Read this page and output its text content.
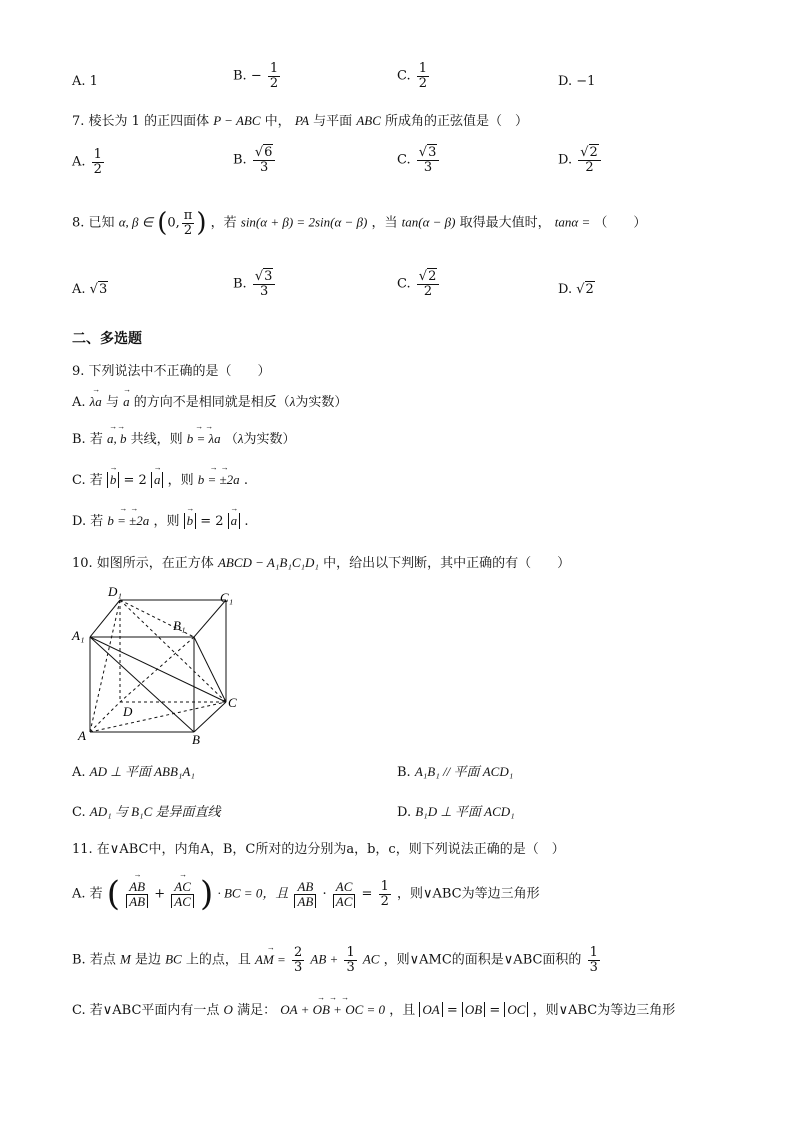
A. 1	B. − $\frac{1}{2}$	C. $\frac{1}{2}$	D. −1
7. 棱长为 1 的正四面体 P − ABC 中， PA 与平面 ABC 所成角的正弦值是（　）
A. $\frac{1}{2}$	B. $\frac{√6}{3}$	C. $\frac{√3}{3}$	D. $\frac{√2}{2}$
8. 已知 α, β ∈ (0, $\frac{\pi}{2}$ ) ，若 sin(α + β) = 2sin(α − β) ，当 tan(α − β) 取得最大值时， tanα = （　　）
A. √3	B. $\frac{√3}{3}$	C. $\frac{√2}{2}$	D. √2
二、多选题
9. 下列说法中不正确的是（　　）
A.
→
λa 与
→
a 的方向不是相同就是相反（λ为实数）
B. 若
→ →
a, b 共线，则
→   →
b = λa （λ为实数）
C. 若
→
b = 2
→
a ，则
→    →
b = ±2a .
D. 若
→    →
b = ±2a ，则
→
b = 2
→
a .
10. 如图所示，在正方体 ABCD − A₁B₁C₁D₁ 中，给出以下判断，其中正确的有（　　）
D₁	C₁
B₁
A₁
D
C
A	B
A. AD ⊥ 平面 ABB₁A₁	B. A₁B₁ // 平面 ACD₁
C. AD₁ 与 B₁C 是异面直线	D. B₁D ⊥ 平面 ACD₁
11. 在∨ABC中，内角A，B，C所对的边分别为a，b，c，则下列说法正确的是（　）
A. 若 ( →
AB
AB + →
AC
AC ) · BC = 0，且 $\frac{AB}{AB} \cdot \frac{AC}{AC} = \frac{1}{2}$ ，则∨ABC为等边三角形
B. 若点 M 是边 BC 上的点，且
→
AM = $\frac{2}{3}$ AB + $\frac{1}{3}$ AC ，则∨AMC的面积是∨ABC面积的 $\frac{1}{3}$
C. 若∨ABC平面内有一点 O 满足：
→     →     →
OA + OB + OC = 0 ，且 OA = OB = OC ，则∨ABC为等边三角形
